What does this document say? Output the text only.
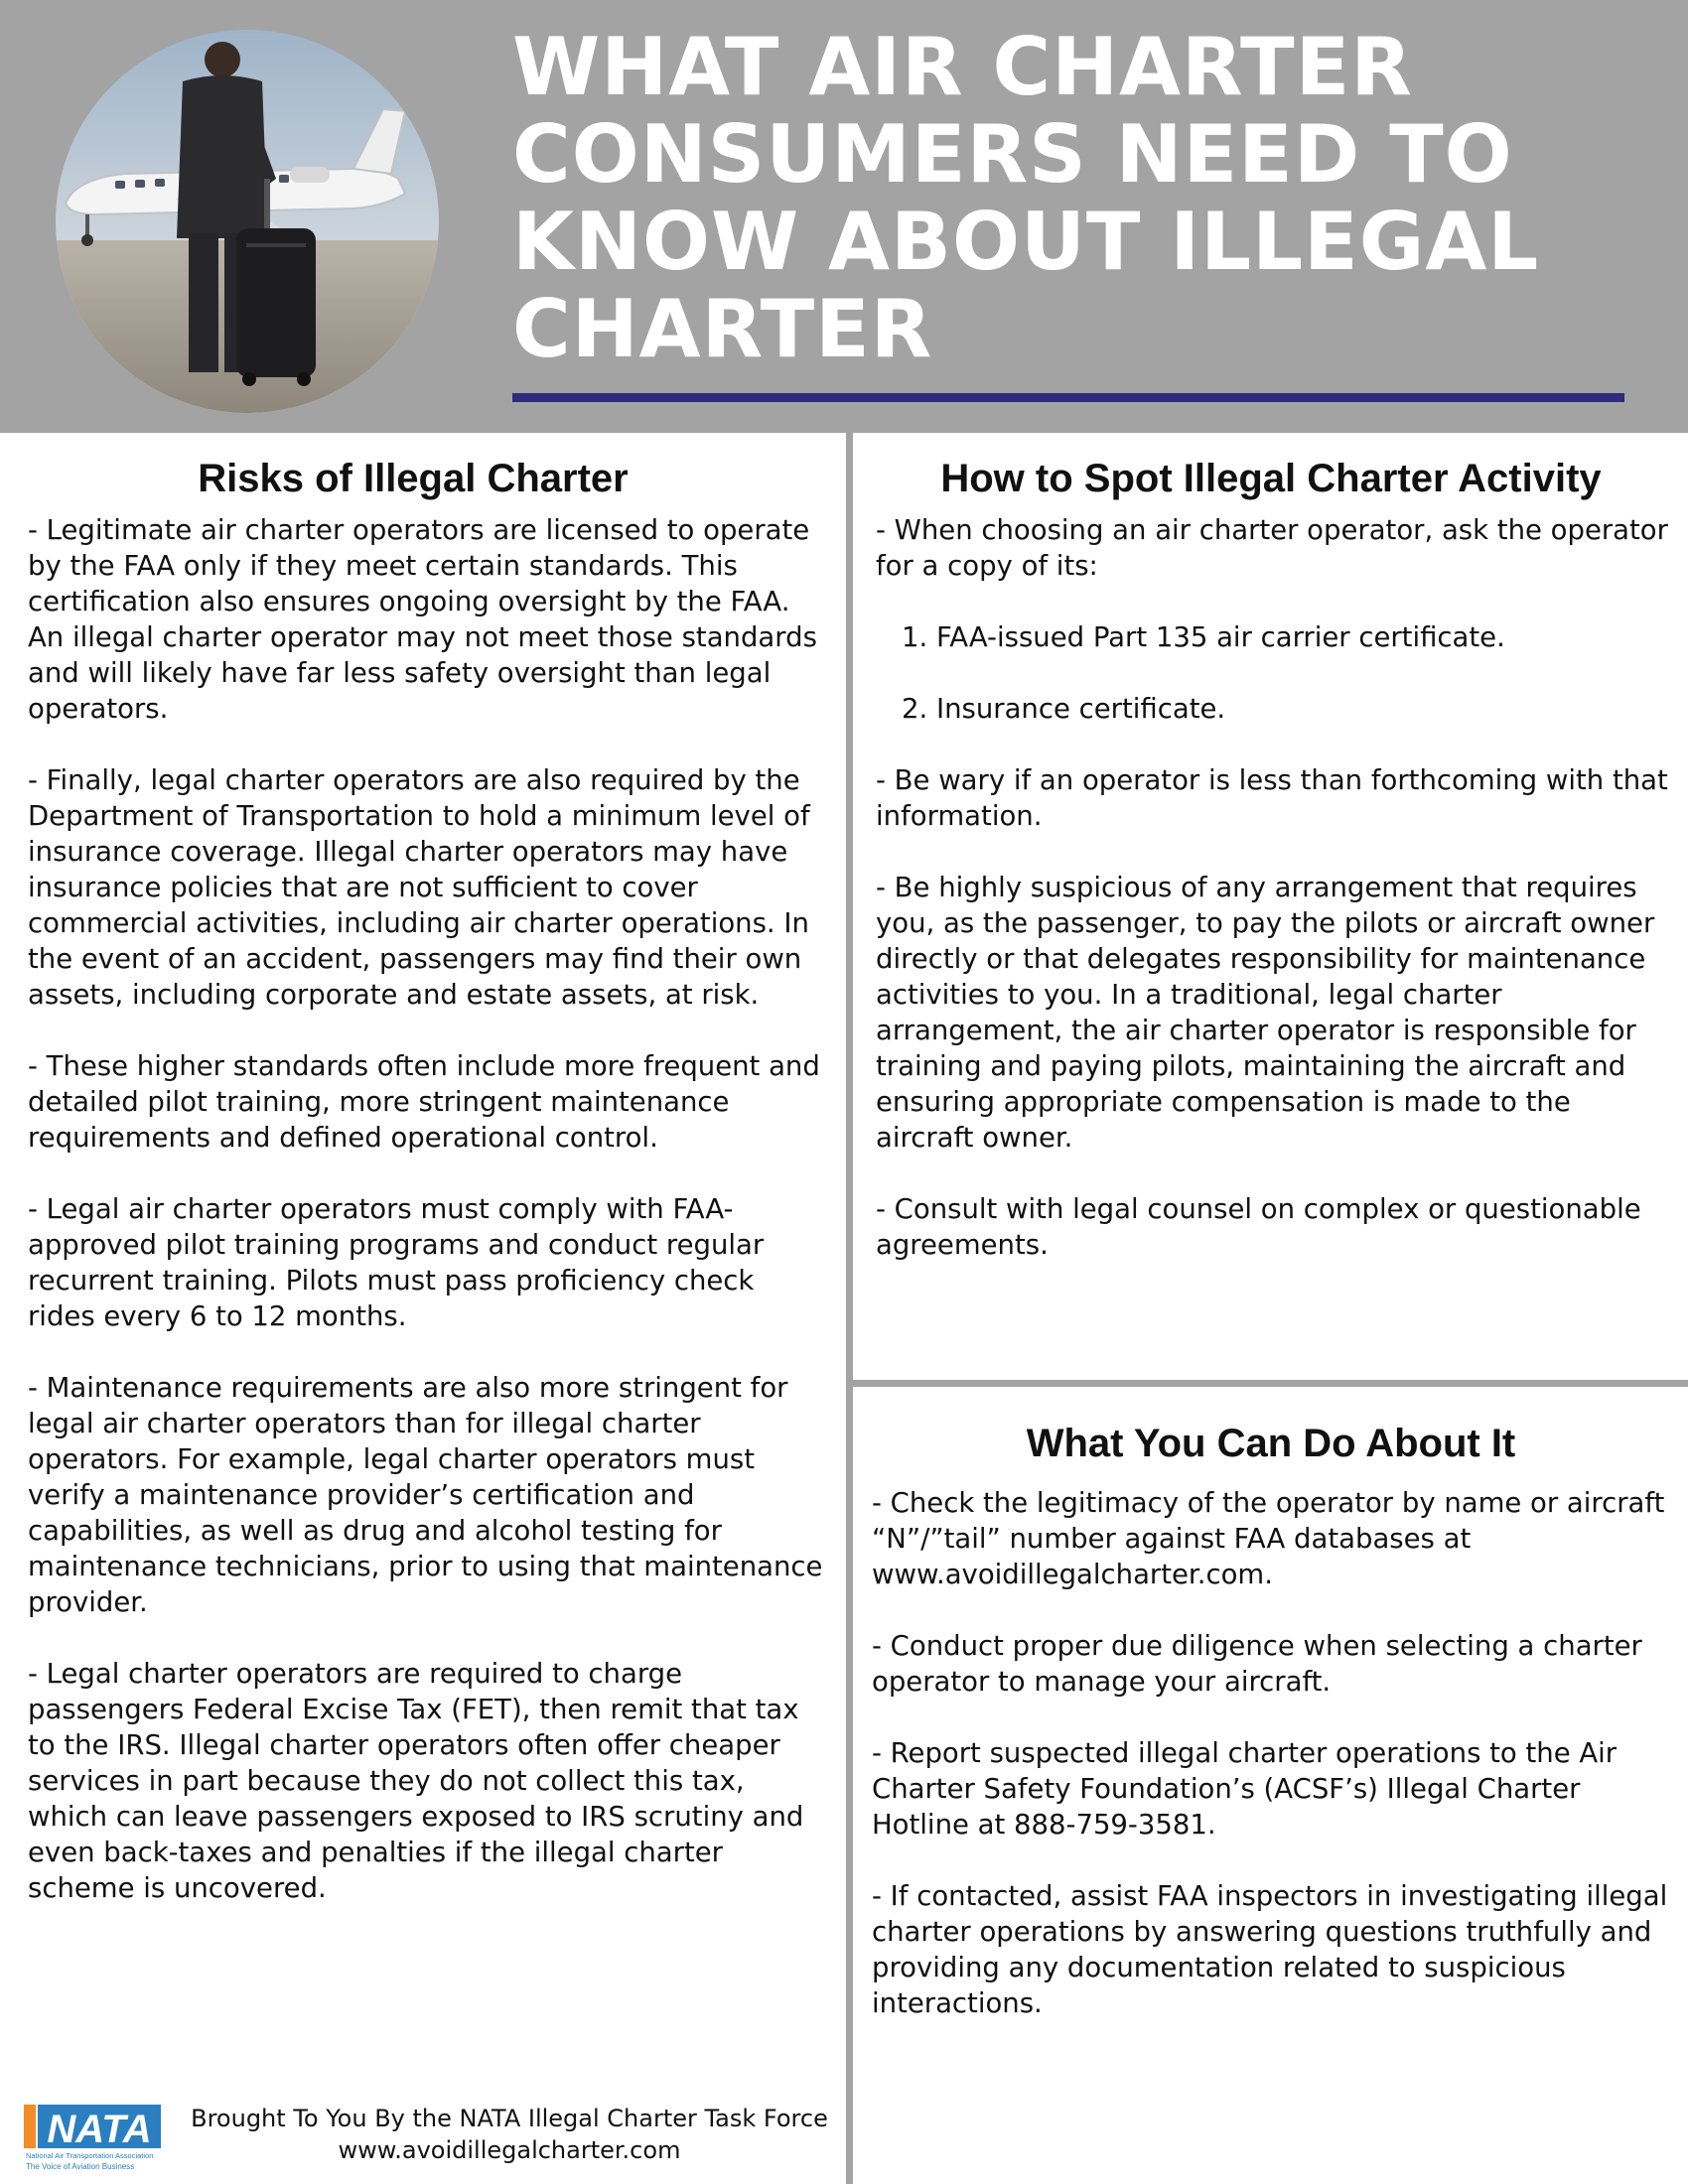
WHAT AIR CHARTER CONSUMERS NEED TO KNOW ABOUT ILLEGAL CHARTER
Risks of Illegal Charter

- Legitimate air charter operators are licensed to operate by the FAA only if they meet certain standards. This certification also ensures ongoing oversight by the FAA. An illegal charter operator may not meet those standards and will likely have far less safety oversight than legal operators.

- Finally, legal charter operators are also required by the Department of Transportation to hold a minimum level of insurance coverage. Illegal charter operators may have insurance policies that are not sufficient to cover commercial activities, including air charter operations. In the event of an accident, passengers may find their own assets, including corporate and estate assets, at risk.

- These higher standards often include more frequent and detailed pilot training, more stringent maintenance requirements and defined operational control.

- Legal air charter operators must comply with FAA-approved pilot training programs and conduct regular recurrent training. Pilots must pass proficiency check rides every 6 to 12 months.

- Maintenance requirements are also more stringent for legal air charter operators than for illegal charter operators. For example, legal charter operators must verify a maintenance provider’s certification and capabilities, as well as drug and alcohol testing for maintenance technicians, prior to using that maintenance provider.

- Legal charter operators are required to charge passengers Federal Excise Tax (FET), then remit that tax to the IRS. Illegal charter operators often offer cheaper services in part because they do not collect this tax, which can leave passengers exposed to IRS scrutiny and even back-taxes and penalties if the illegal charter scheme is uncovered.

How to Spot Illegal Charter Activity

- When choosing an air charter operator, ask the operator for a copy of its:

1. FAA-issued Part 135 air carrier certificate.

2. Insurance certificate.

- Be wary if an operator is less than forthcoming with that information.

- Be highly suspicious of any arrangement that requires you, as the passenger, to pay the pilots or aircraft owner directly or that delegates responsibility for maintenance activities to you. In a traditional, legal charter arrangement, the air charter operator is responsible for training and paying pilots, maintaining the aircraft and ensuring appropriate compensation is made to the aircraft owner.

- Consult with legal counsel on complex or questionable agreements.

What You Can Do About It

- Check the legitimacy of the operator by name or aircraft “N”/”tail” number against FAA databases at www.avoidillegalcharter.com.

- Conduct proper due diligence when selecting a charter operator to manage your aircraft.

- Report suspected illegal charter operations to the Air Charter Safety Foundation’s (ACSF’s) Illegal Charter Hotline at 888-759-3581.

- If contacted, assist FAA inspectors in investigating illegal charter operations by answering questions truthfully and providing any documentation related to suspicious interactions.

NATA
National Air Transportation Association
The Voice of Aviation Business
Brought To You By the NATA Illegal Charter Task Force
www.avoidillegalcharter.com
